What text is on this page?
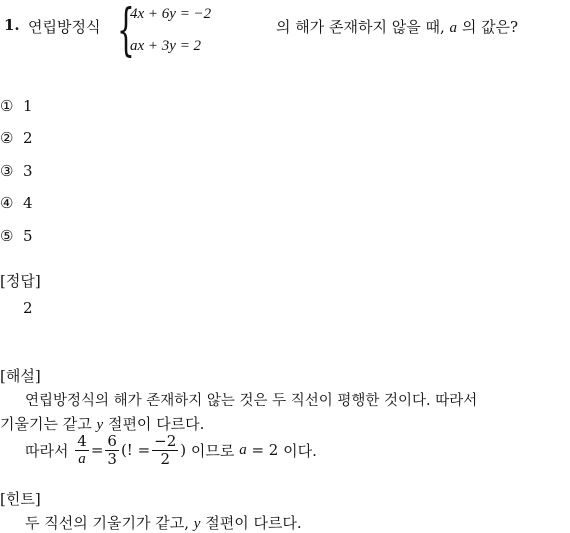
1. 연립방정식 {
4x + 6y = −2
ax + 3y = 2
의 해가 존재하지 않을 때, a 의 값은?
① 1
② 2
③ 3
④ 4
⑤ 5
[정답]
2
[해설]
연립방정식의 해가 존재하지 않는 것은 두 직선이 평행한 것이다. 따라서
기울기는 같고 y 절편이 다르다.
따라서
$\frac{4}{a} = \frac{6}{3}$ (! = $\frac{-2}{2}$ )
이므로
a
= 2
이다.
[힌트]
두 직선의 기울기가 같고, y 절편이 다르다.
